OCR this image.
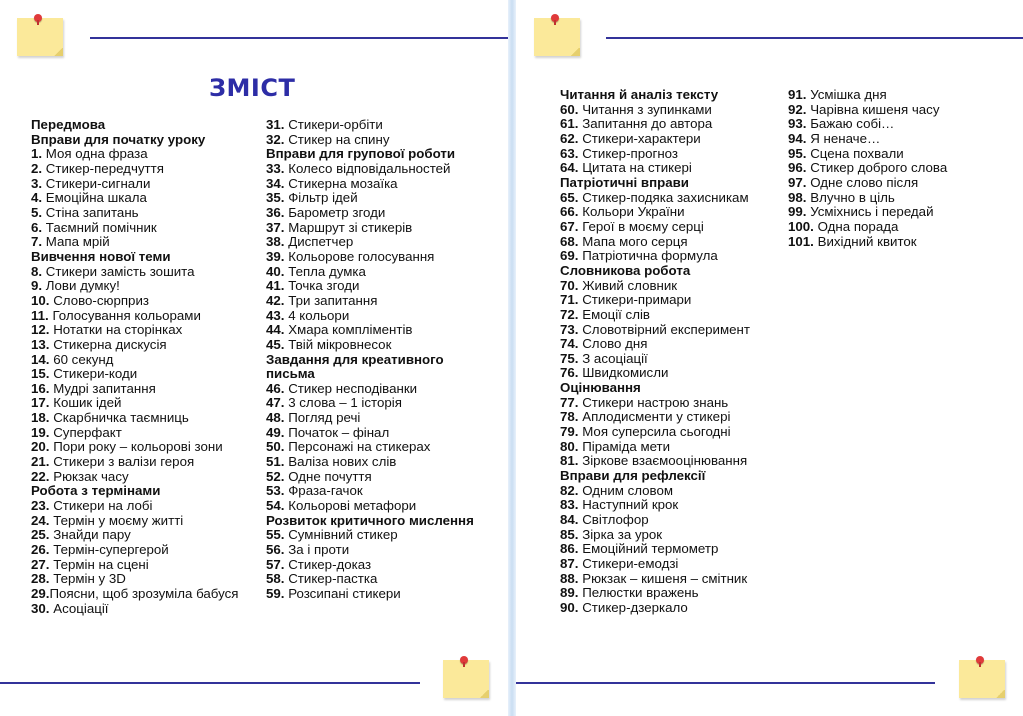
ЗМІСТ
Передмова
Вправи для початку уроку
1. Моя одна фраза
2. Стикер-передчуття
3. Стикери-сигнали
4. Емоційна шкала
5. Стіна запитань
6. Таємний помічник
7. Мапа мрій
Вивчення нової теми
8. Стикери замість зошита
9. Лови думку!
10. Слово-сюрприз
11. Голосування кольорами
12. Нотатки на сторінках
13. Стикерна дискусія
14. 60 секунд
15. Стикери-коди
16. Мудрі запитання
17. Кошик ідей
18. Скарбничка таємниць
19. Суперфакт
20. Пори року – кольорові зони
21. Стикери з валізи героя
22. Рюкзак часу
Робота з термінами
23. Стикери на лобі
24. Термін у моєму житті
25. Знайди пару
26. Термін-супергерой
27. Термін на сцені
28. Термін у 3D
29.Поясни, щоб зрозуміла бабуся
30. Асоціації
31. Стикери-орбіти
32. Стикер на спину
Вправи для групової роботи
33. Колесо відповідальностей
34. Стикерна мозаїка
35. Фільтр ідей
36. Барометр згоди
37. Маршрут зі стикерів
38. Диспетчер
39. Кольорове голосування
40. Тепла думка
41. Точка згоди
42. Три запитання
43. 4 кольори
44. Хмара компліментів
45. Твій мікровнесок
Завдання для креативного
письма
46. Стикер несподіванки
47. 3 слова – 1 історія
48. Погляд речі
49. Початок – фінал
50. Персонажі на стикерах
51. Валіза нових слів
52. Одне почуття
53. Фраза-гачок
54. Кольорові метафори
Розвиток критичного мислення
55. Сумнівний стикер
56. За і проти
57. Стикер-доказ
58. Стикер-пастка
59. Розсипані стикери
Читання й аналіз тексту
60. Читання з зупинками
61. Запитання до автора
62. Стикери-характери
63. Стикер-прогноз
64. Цитата на стикері
Патріотичні вправи
65. Стикер-подяка захисникам
66. Кольори України
67. Герої в моєму серці
68. Мапа мого серця
69. Патріотична формула
Словникова робота
70. Живий словник
71. Стикери-примари
72. Емоції слів
73. Словотвірний експеримент
74. Слово дня
75. З асоціації
76. Швидкомисли
Оцінювання
77. Стикери настрою знань
78. Аплодисменти у стикері
79. Моя суперсила сьогодні
80. Піраміда мети
81. Зіркове взаємооцінювання
Вправи для рефлексії
82. Одним словом
83. Наступний крок
84. Світлофор
85. Зірка за урок
86. Емоційний термометр
87. Стикери-емодзі
88. Рюкзак – кишеня – смітник
89. Пелюстки вражень
90. Стикер-дзеркало
91. Усмішка дня
92. Чарівна кишеня часу
93. Бажаю собі…
94. Я неначе…
95. Сцена похвали
96. Стикер доброго слова
97. Одне слово після
98. Влучно в ціль
99. Усміхнись і передай
100. Одна порада
101. Вихідний квиток
